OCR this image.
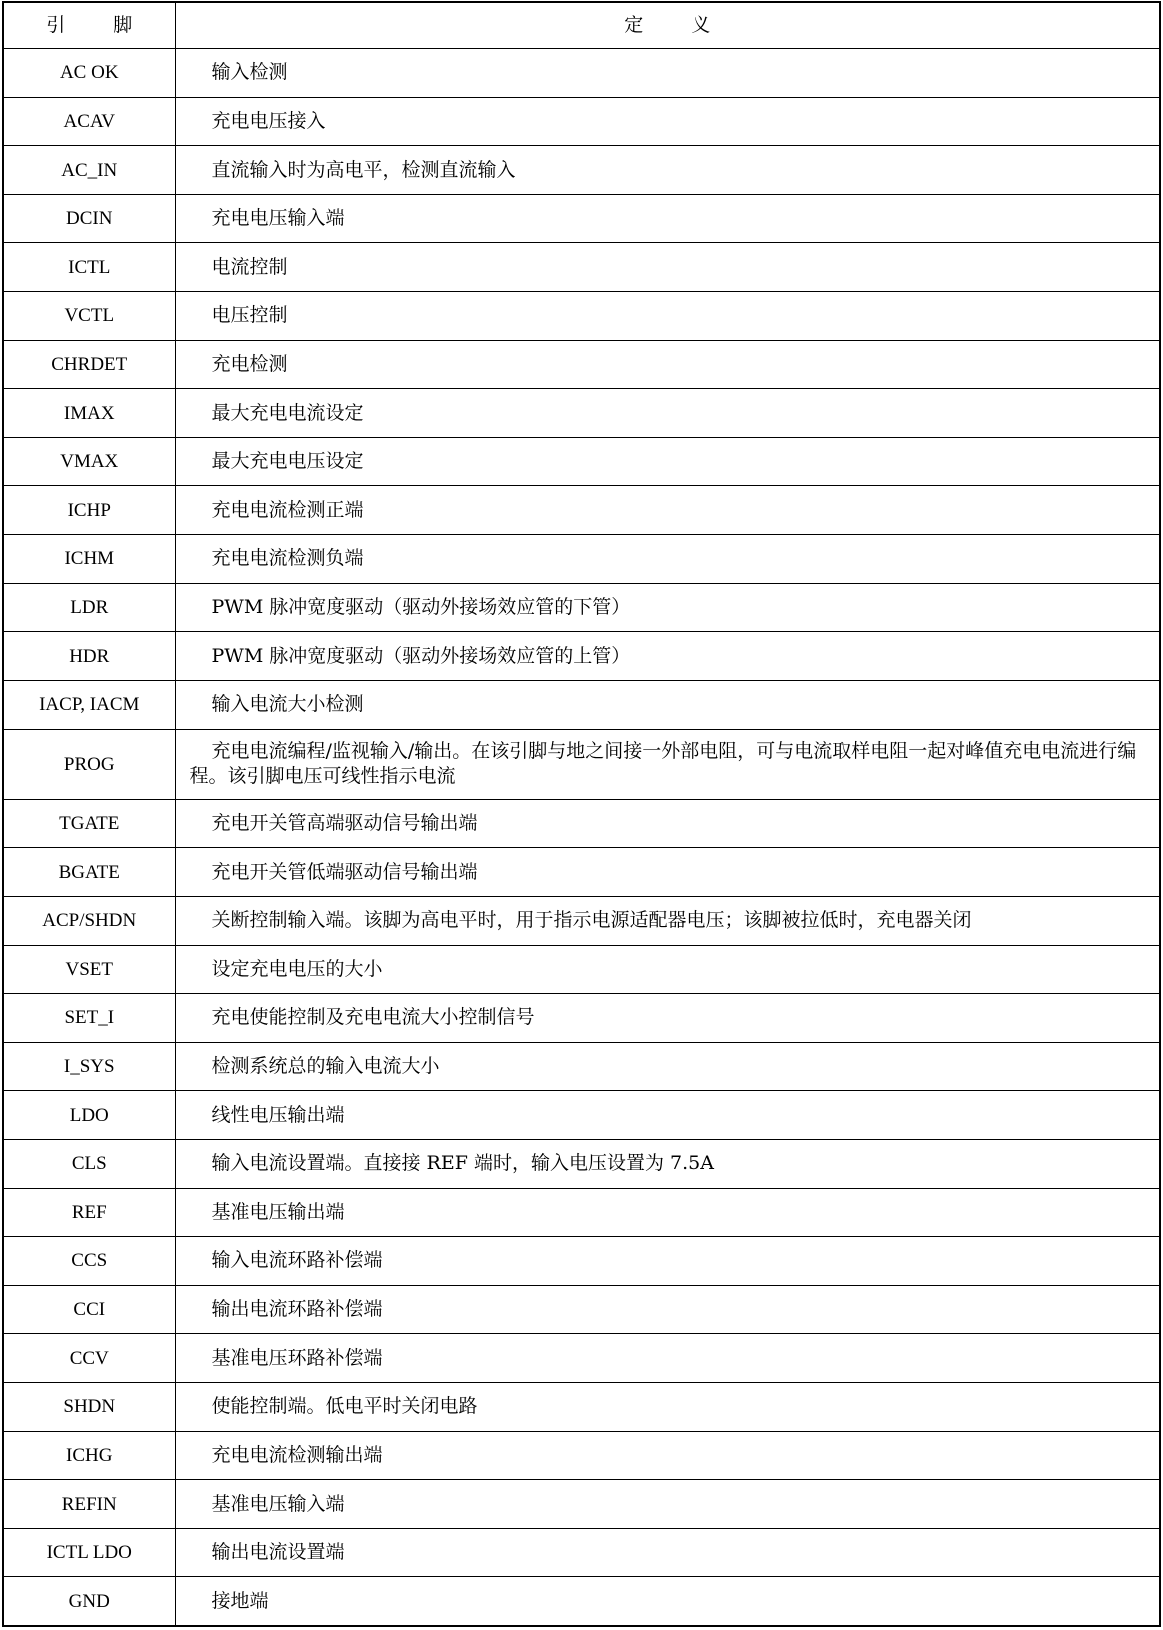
引 脚	定 义
AC OK	输入检测
ACAV	充电电压接入
AC_IN	直流输入时为高电平，检测直流输入
DCIN	充电电压输入端
ICTL	电流控制
VCTL	电压控制
CHRDET	充电检测
IMAX	最大充电电流设定
VMAX	最大充电电压设定
ICHP	充电电流检测正端
ICHM	充电电流检测负端
LDR	PWM 脉冲宽度驱动（驱动外接场效应管的下管）
HDR	PWM 脉冲宽度驱动（驱动外接场效应管的上管）
IACP, IACM	输入电流大小检测
PROG	充电电流编程/监视输入/输出。在该引脚与地之间接一外部电阻，可与电流取样电阻一起对峰值充电电流进行编程。该引脚电压可线性指示电流
TGATE	充电开关管高端驱动信号输出端
BGATE	充电开关管低端驱动信号输出端
ACP/SHDN	关断控制输入端。该脚为高电平时，用于指示电源适配器电压；该脚被拉低时，充电器关闭
VSET	设定充电电压的大小
SET_I	充电使能控制及充电电流大小控制信号
I_SYS	检测系统总的输入电流大小
LDO	线性电压输出端
CLS	输入电流设置端。直接接 REF 端时，输入电压设置为 7.5A
REF	基准电压输出端
CCS	输入电流环路补偿端
CCI	输出电流环路补偿端
CCV	基准电压环路补偿端
SHDN	使能控制端。低电平时关闭电路
ICHG	充电电流检测输出端
REFIN	基准电压输入端
ICTL LDO	输出电流设置端
GND	接地端
